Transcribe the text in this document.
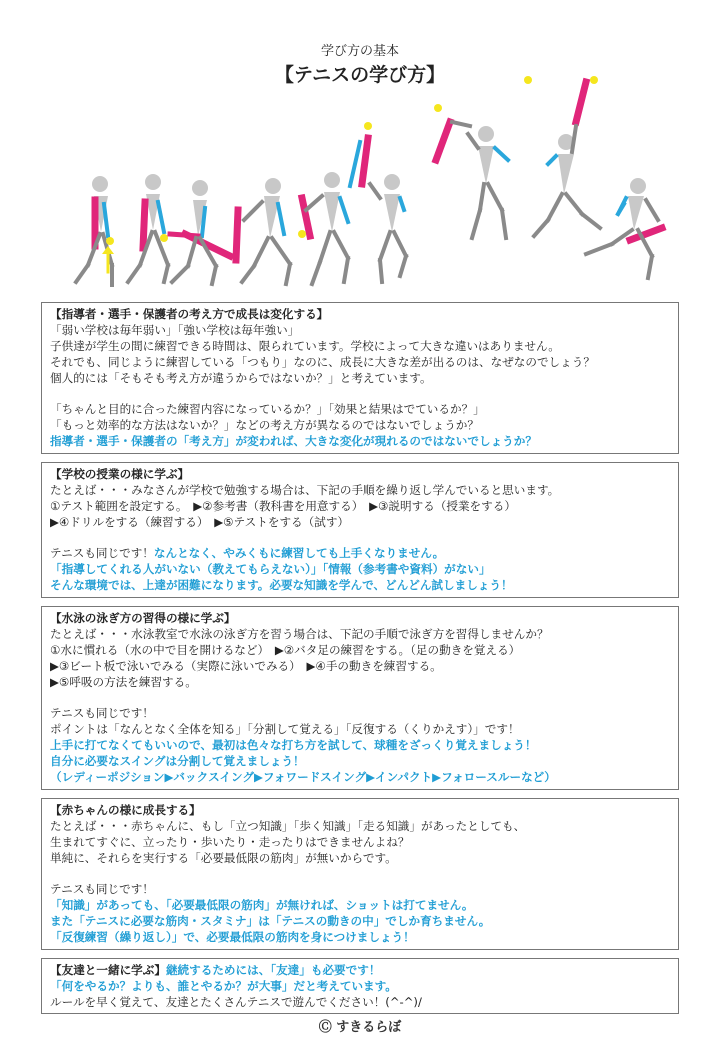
学び方の基本
【テニスの学び方】
【指導者・選手・保護者の考え方で成長は変化する】
「弱い学校は毎年弱い」「強い学校は毎年強い」
子供達が学生の間に練習できる時間は、限られています。学校によって大きな違いはありません。
それでも、同じように練習している「つもり」なのに、成長に大きな差が出るのは、なぜなのでしょう？
個人的には「そもそも考え方が違うからではないか？」と考えています。
「ちゃんと目的に合った練習内容になっているか？」「効果と結果はでているか？」
「もっと効率的な方法はないか？」などの考え方が異なるのではないでしょうか？
指導者・選手・保護者の「考え方」が変われば、大きな変化が現れるのではないでしょうか？
【学校の授業の様に学ぶ】
たとえば・・・みなさんが学校で勉強する場合は、下記の手順を繰り返し学んでいると思います。
①テスト範囲を設定する。　▶②参考書（教科書を用意する）　▶③説明する（授業をする）
▶④ドリルをする（練習する）　▶⑤テストをする（試す）
テニスも同じです！なんとなく、やみくもに練習しても上手くなりません。
「指導してくれる人がいない（教えてもらえない）」「情報（参考書や資料）がない」
そんな環境では、上達が困難になります。必要な知識を学んで、どんどん試しましょう！
【水泳の泳ぎ方の習得の様に学ぶ】
たとえば・・・水泳教室で水泳の泳ぎ方を習う場合は、下記の手順で泳ぎ方を習得しませんか？
①水に慣れる（水の中で目を開けるなど）　▶②バタ足の練習をする。（足の動きを覚える）
▶③ビート板で泳いでみる（実際に泳いでみる）　▶④手の動きを練習する。
▶⑤呼吸の方法を練習する。
テニスも同じです！
ポイントは「なんとなく全体を知る」「分割して覚える」「反復する（くりかえす）」です！
上手に打てなくてもいいので、最初は色々な打ち方を試して、球種をざっくり覚えましょう！
自分に必要なスイングは分割して覚えましょう！
（レディーポジション▶バックスイング▶フォワードスイング▶インパクト▶フォロースルーなど）
【赤ちゃんの様に成長する】
たとえば・・・赤ちゃんに、もし「立つ知識」「歩く知識」「走る知識」があったとしても、
生まれてすぐに、立ったり・歩いたり・走ったりはできませんよね？
単純に、それらを実行する「必要最低限の筋肉」が無いからです。
テニスも同じです！
「知識」があっても、「必要最低限の筋肉」が無ければ、ショットは打てません。
また「テニスに必要な筋肉・スタミナ」は「テニスの動きの中」でしか育ちません。
「反復練習（繰り返し）」で、必要最低限の筋肉を身につけましょう！
【友達と一緒に学ぶ】継続するためには、「友達」も必要です！
「何をやるか？よりも、誰とやるか？が大事」だと考えています。
ルールを早く覚えて、友達とたくさんテニスで遊んでください！(^-^)/
Ⓒ すきるらぼ
